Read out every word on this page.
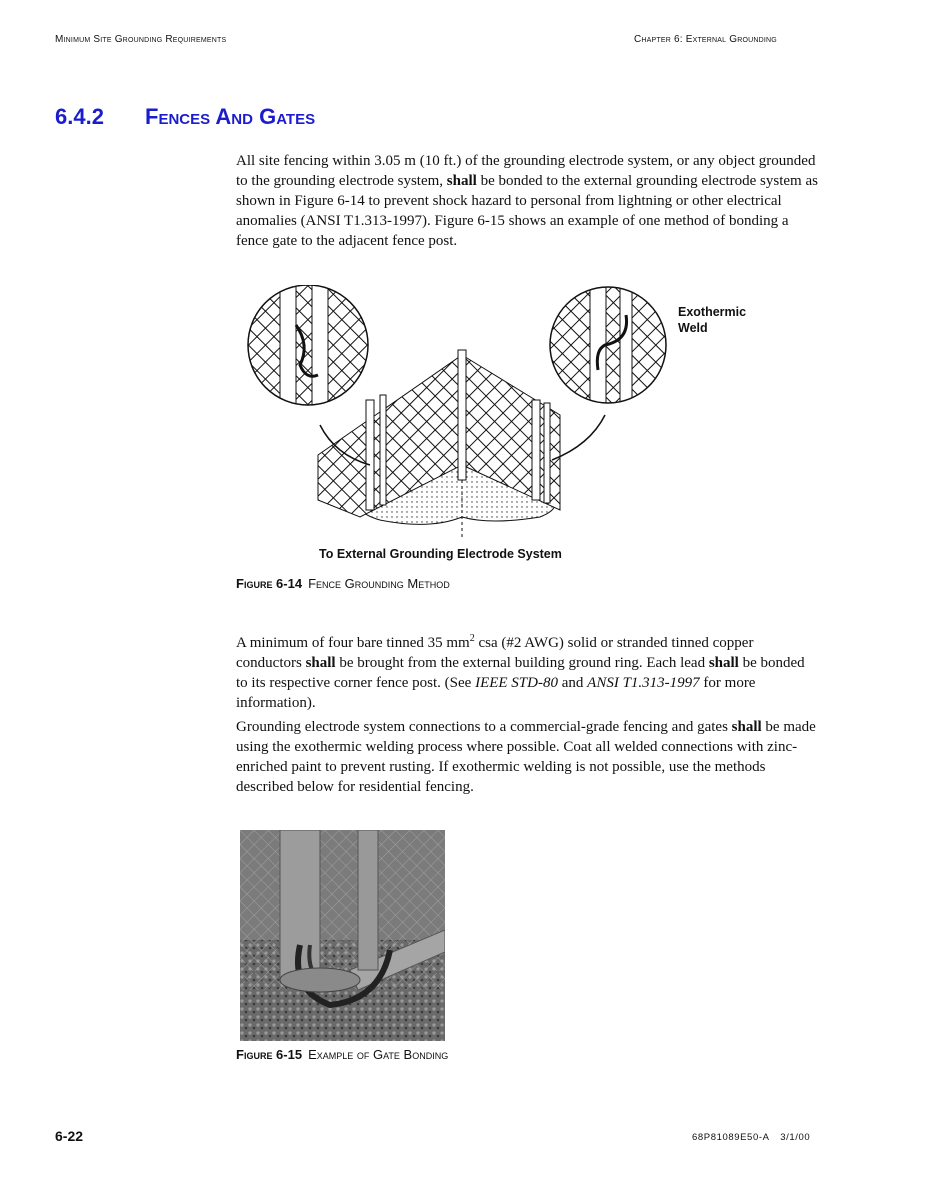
Minimum Site Grounding Requirements	Chapter 6: External Grounding
6.4.2 Fences And Gates
All site fencing within 3.05 m (10 ft.) of the grounding electrode system, or any object grounded to the grounding electrode system, shall be bonded to the external grounding electrode system as shown in Figure 6-14 to prevent shock hazard to personal from lightning or other electrical anomalies (ANSI T1.313-1997). Figure 6-15 shows an example of one method of bonding a fence gate to the adjacent fence post.
Exothermic Weld
To External Grounding Electrode System
Figure 6-14 Fence Grounding Method
A minimum of four bare tinned 35 $mm^2$ csa (#2 AWG) solid or stranded tinned copper conductors shall be brought from the external building ground ring. Each lead shall be bonded to its respective corner fence post. (See IEEE STD-80 and ANSI T1.313-1997 for more information).
Grounding electrode system connections to a commercial-grade fencing and gates shall be made using the exothermic welding process where possible. Coat all welded connections with zinc-enriched paint to prevent rusting. If exothermic welding is not possible, use the methods described below for residential fencing.
Figure 6-15 Example of Gate Bonding
6-22	68P81089E50-A 3/1/00
